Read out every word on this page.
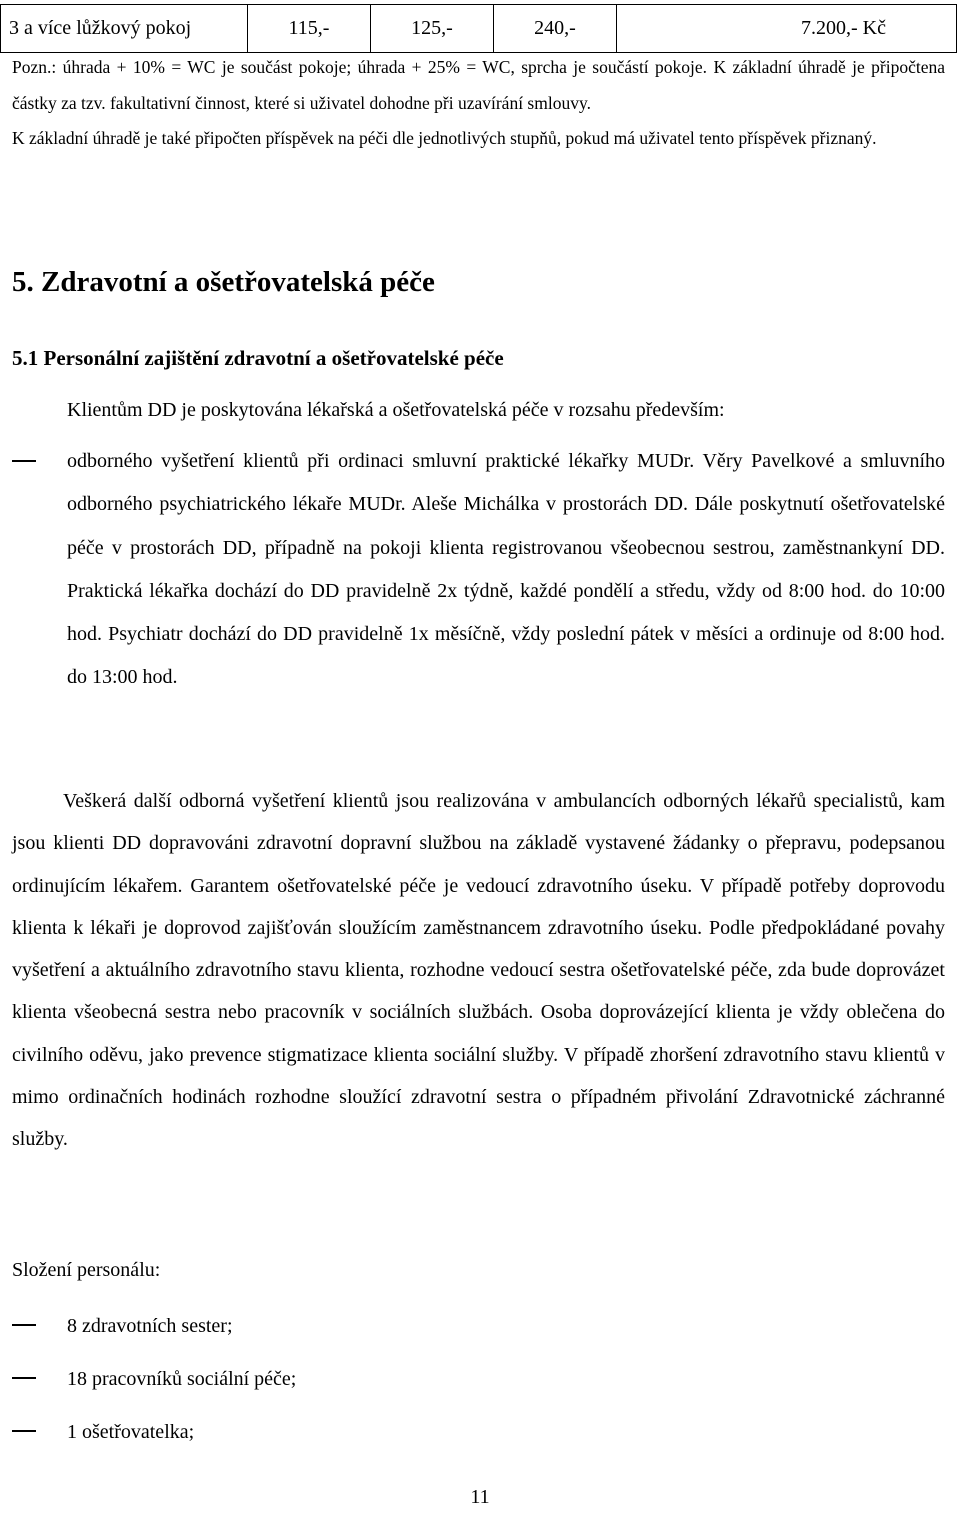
3 a více lůžkový pokoj	115,-	125,-	240,-	7.200,- Kč

Pozn.: úhrada + 10% = WC je součást pokoje; úhrada + 25% = WC, sprcha je součástí pokoje. K základní úhradě je připočtena částky za tzv. fakultativní činnost, které si uživatel dohodne při uzavírání smlouvy.

K základní úhradě je také připočten příspěvek na péči dle jednotlivých stupňů, pokud má uživatel tento příspěvek přiznaný.

5. Zdravotní a ošetřovatelská péče
5.1 Personální zajištění zdravotní a ošetřovatelské péče

Klientům DD je poskytována lékařská a ošetřovatelská péče v rozsahu především:

odborného vyšetření klientů při ordinaci smluvní praktické lékařky MUDr. Věry Pavelkové a smluvního odborného psychiatrického lékaře MUDr. Aleše Michálka v prostorách DD. Dále poskytnutí ošetřovatelské péče v prostorách DD, případně na pokoji klienta registrovanou všeobecnou sestrou, zaměstnankyní DD. Praktická lékařka dochází do DD pravidelně 2x týdně, každé pondělí a středu, vždy od 8:00 hod. do 10:00 hod. Psychiatr dochází do DD pravidelně 1x měsíčně, vždy poslední pátek v měsíci a ordinuje od 8:00 hod. do 13:00 hod.

Veškerá další odborná vyšetření klientů jsou realizována v ambulancích odborných lékařů specialistů, kam jsou klienti DD dopravováni zdravotní dopravní službou na základě vystavené žádanky o přepravu, podepsanou ordinujícím lékařem. Garantem ošetřovatelské péče je vedoucí zdravotního úseku. V případě potřeby doprovodu klienta k lékaři je doprovod zajišťován sloužícím zaměstnancem zdravotního úseku. Podle předpokládané povahy vyšetření a aktuálního zdravotního stavu klienta, rozhodne vedoucí sestra ošetřovatelské péče, zda bude doprovázet klienta všeobecná sestra nebo pracovník v sociálních službách. Osoba doprovázející klienta je vždy oblečena do civilního oděvu, jako prevence stigmatizace klienta sociální služby. V případě zhoršení zdravotního stavu klientů v mimo ordinačních hodinách rozhodne sloužící zdravotní sestra o případném přivolání Zdravotnické záchranné služby.

Složení personálu:

8 zdravotních sester;
18 pracovníků sociální péče;
1 ošetřovatelka;

11
